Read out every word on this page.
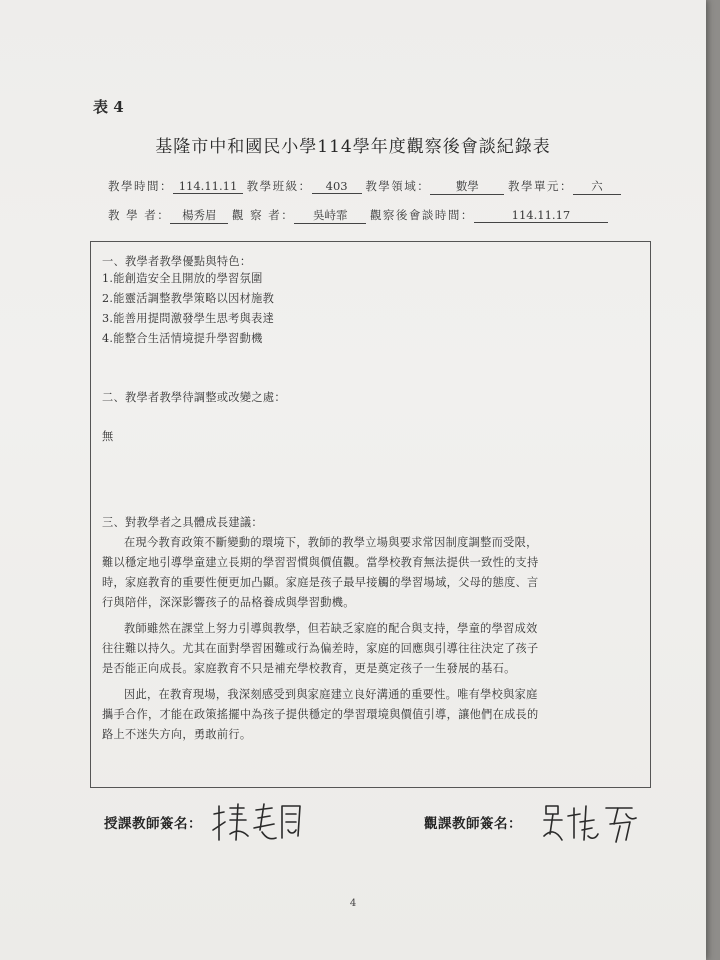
表 4
基隆市中和國民小學114學年度觀察後會談紀錄表
教學時間： 114.11.11 教學班級： 403 教學領域： 數學	教學單元： 六
教 學 者： 楊秀眉 觀 察 者： 吳峙霏 觀察後會談時間：	114.11.17
一、教學者教學優點與特色：
1.能創造安全且開放的學習氛圍
2.能靈活調整教學策略以因材施教
3.能善用提問激發學生思考與表達
4.能整合生活情境提升學習動機
二、教學者教學待調整或改變之處：
無
三、對教學者之具體成長建議：
在現今教育政策不斷變動的環境下，教師的教學立場與要求常因制度調整而受限，
難以穩定地引導學童建立長期的學習習慣與價值觀。當學校教育無法提供一致性的支持
時，家庭教育的重要性便更加凸顯。家庭是孩子最早接觸的學習場域，父母的態度、言
行與陪伴，深深影響孩子的品格養成與學習動機。
教師雖然在課堂上努力引導與教學，但若缺乏家庭的配合與支持，學童的學習成效
往往難以持久。尤其在面對學習困難或行為偏差時，家庭的回應與引導往往決定了孩子
是否能正向成長。家庭教育不只是補充學校教育，更是奠定孩子一生發展的基石。
因此，在教育現場，我深刻感受到與家庭建立良好溝通的重要性。唯有學校與家庭
攜手合作，才能在政策搖擺中為孩子提供穩定的學習環境與價值引導，讓他們在成長的
路上不迷失方向，勇敢前行。
授課教師簽名：	觀課教師簽名：
4
